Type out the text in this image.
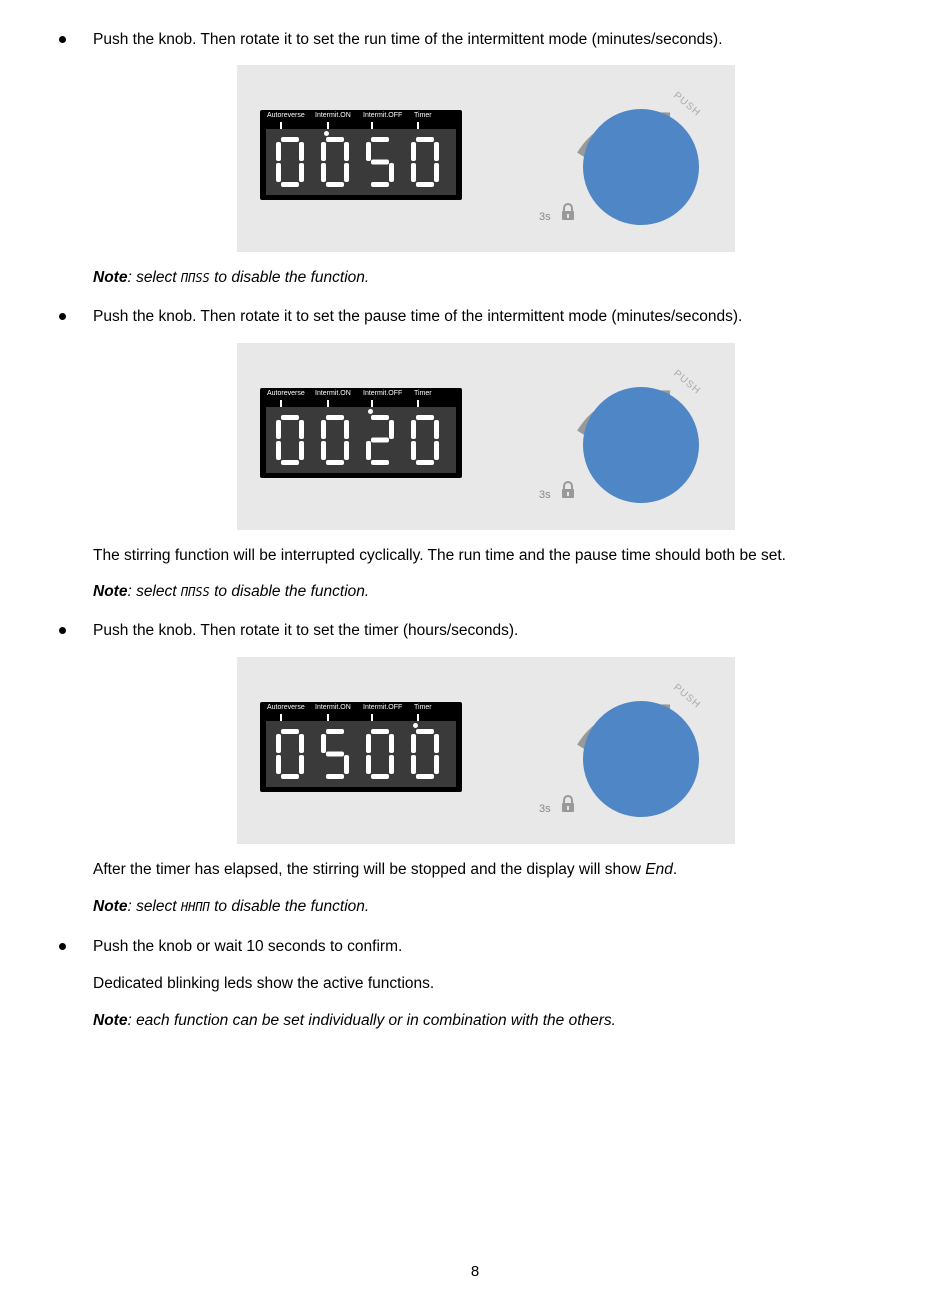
Push the knob. Then rotate it to set the run time of the intermittent mode (minutes/seconds).
Autoreverse Intermit.ON Intermit.OFF Timer	PUSH
3s
Note: select ΠΠSS to disable the function.
Push the knob. Then rotate it to set the pause time of the intermittent mode (minutes/seconds).
Autoreverse Intermit.ON Intermit.OFF Timer	PUSH
3s
The stirring function will be interrupted cyclically. The run time and the pause time should both be set.
Note: select ΠΠSS to disable the function.
Push the knob. Then rotate it to set the timer (hours/seconds).
Autoreverse Intermit.ON Intermit.OFF Timer	PUSH
3s
After the timer has elapsed, the stirring will be stopped and the display will show End.
Note: select HHΠΠ to disable the function.
Push the knob or wait 10 seconds to confirm.
Dedicated blinking leds show the active functions.
Note: each function can be set individually or in combination with the others.
8
